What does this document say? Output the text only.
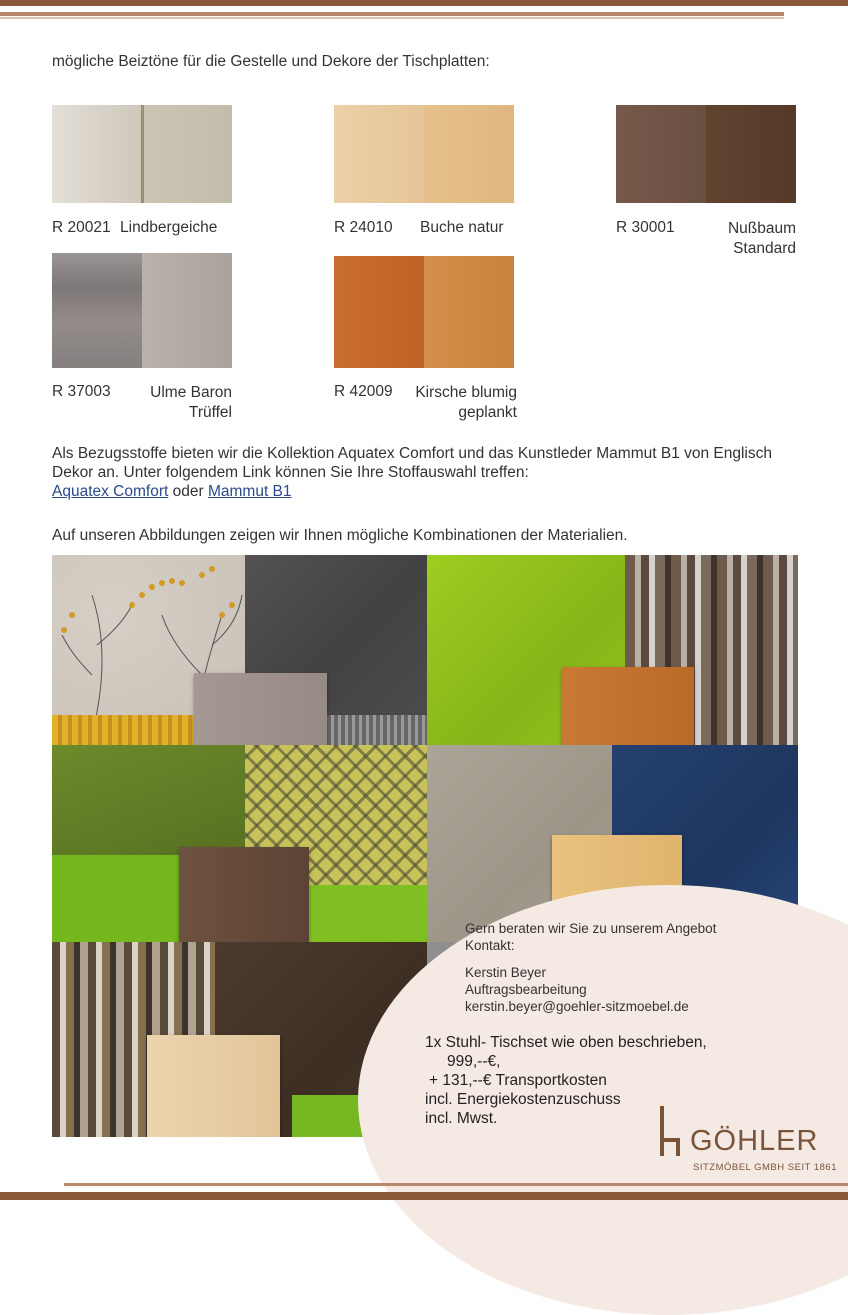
mögliche Beiztöne für die Gestelle und Dekore der Tischplatten:
R 20021 Lindbergeiche	R 24010 Buche natur	R 30001	Nußbaum
Standard
R 37003	Ulme Baron
Trüffel
R 42009 Kirsche blumig
geplankt
Als Bezugsstoffe bieten wir die Kollektion Aquatex Comfort und das Kunstleder Mammut B1 von Englisch Dekor an. Unter folgendem Link können Sie Ihre Stoffauswahl treffen:
Aquatex Comfort oder Mammut B1
Auf unseren Abbildungen zeigen wir Ihnen mögliche Kombinationen der Materialien.
Gern beraten wir Sie zu unserem Angebot
Kontakt:
Kerstin Beyer
Auftragsbearbeitung
kerstin.beyer@goehler-sitzmoebel.de
1x Stuhl- Tischset wie oben beschrieben,
999,--€,
+ 131,--€ Transportkosten
incl. Energiekostenzuschuss
incl. Mwst.
GÖHLER
SITZMÖBEL GMBH SEIT 1861
